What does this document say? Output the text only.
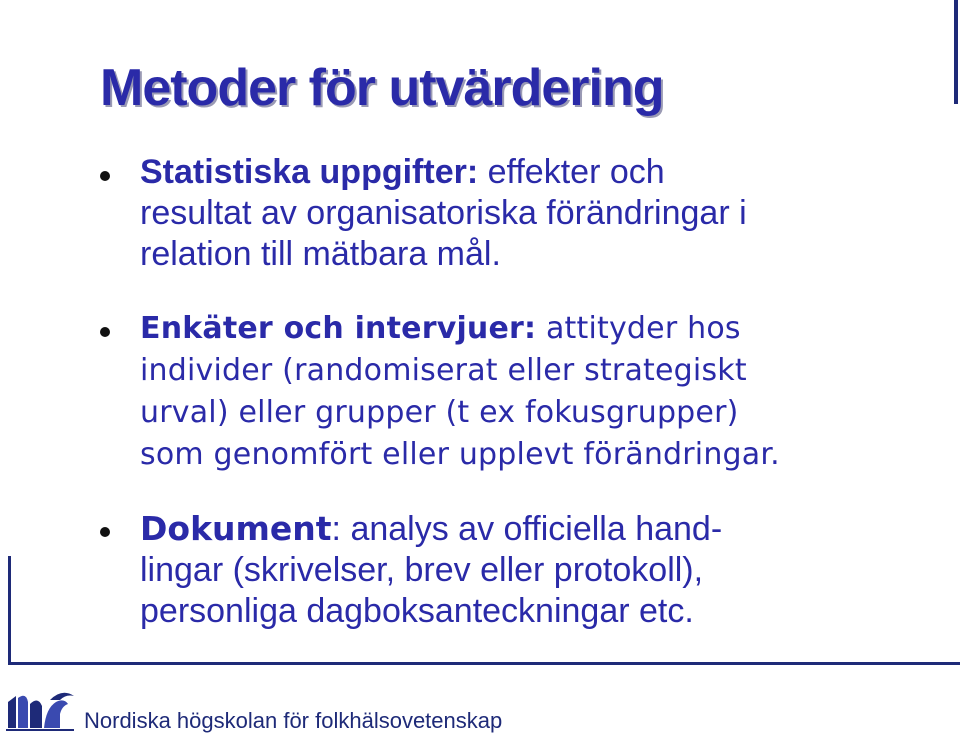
Metoder för utvärdering
Statistiska uppgifter: effekter och
resultat av organisatoriska förändringar i
relation till mätbara mål.
Enkäter och intervjuer: attityder hos
individer (randomiserat eller strategiskt
urval) eller grupper (t ex fokusgrupper)
som genomfört eller upplevt förändringar.
Dokument: analys av officiella hand-
lingar (skrivelser, brev eller protokoll),
personliga dagboksanteckningar etc.
Nordiska högskolan för folkhälsovetenskap
